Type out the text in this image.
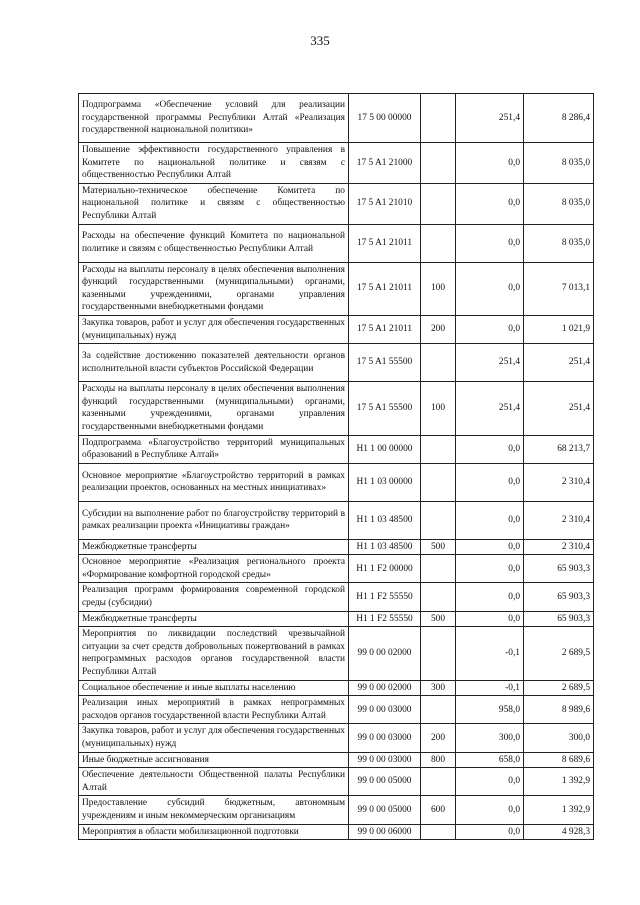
335
Подпрограмма «Обеспечение условий для реализации государственной программы Республики Алтай «Реализация государственной национальной политики»	17 5 00 00000		251,4	8 286,4
Повышение эффективности государственного управления в Комитете по национальной политике и связям с общественностью Республики Алтай	17 5 A1 21000		0,0	8 035,0
Материально-техническое обеспечение Комитета по национальной политике и связям с общественностью Республики Алтай	17 5 A1 21010		0,0	8 035,0
Расходы на обеспечение функций Комитета по национальной политике и связям с общественностью Республики Алтай	17 5 A1 21011		0,0	8 035,0
Расходы на выплаты персоналу в целях обеспечения выполнения функций государственными (муниципальными) органами, казенными учреждениями, органами управления государственными внебюджетными фондами	17 5 A1 21011	100	0,0	7 013,1
Закупка товаров, работ и услуг для обеспечения государственных (муниципальных) нужд	17 5 A1 21011	200	0,0	1 021,9
За содействие достижению показателей деятельности органов исполнительной власти субъектов Российской Федерации	17 5 A1 55500		251,4	251,4
Расходы на выплаты персоналу в целях обеспечения выполнения функций государственными (муниципальными) органами, казенными учреждениями, органами управления государственными внебюджетными фондами	17 5 A1 55500	100	251,4	251,4
Подпрограмма «Благоустройство территорий муниципальных образований в Республике Алтай»	H1 1 00 00000		0,0	68 213,7
Основное мероприятие «Благоустройство территорий в рамках реализации проектов, основанных на местных инициативах»	H1 1 03 00000		0,0	2 310,4
Субсидии на выполнение работ по благоустройству территорий в рамках реализации проекта «Инициативы граждан»	H1 1 03 48500		0,0	2 310,4
Межбюджетные трансферты	H1 1 03 48500	500	0,0	2 310,4
Основное мероприятие «Реализация регионального проекта «Формирование комфортной городской среды»	H1 1 F2 00000		0,0	65 903,3
Реализация программ формирования современной городской среды (субсидии)	H1 1 F2 55550		0,0	65 903,3
Межбюджетные трансферты	Н1 1 F2 55550	500	0,0	65 903,3
Мероприятия по ликвидации последствий чрезвычайной ситуации за счет средств добровольных пожертвований в рамках непрограммных расходов органов государственной власти Республики Алтай	99 0 00 02000		-0,1	2 689,5
Социальное обеспечение и иные выплаты населению	99 0 00 02000	300	-0,1	2 689,5
Реализация иных мероприятий в рамках непрограммных расходов органов государственной власти Республики Алтай	99 0 00 03000		958,0	8 989,6
Закупка товаров, работ и услуг для обеспечения государственных (муниципальных) нужд	99 0 00 03000	200	300,0	300,0
Иные бюджетные ассигнования	99 0 00 03000	800	658,0	8 689,6
Обеспечение деятельности Общественной палаты Республики Алтай	99 0 00 05000		0,0	1 392,9
Предоставление субсидий бюджетным, автономным учреждениям и иным некоммерческим организациям	99 0 00 05000	600	0,0	1 392,9
Мероприятия в области мобилизационной подготовки	99 0 00 06000		0,0	4 928,3
